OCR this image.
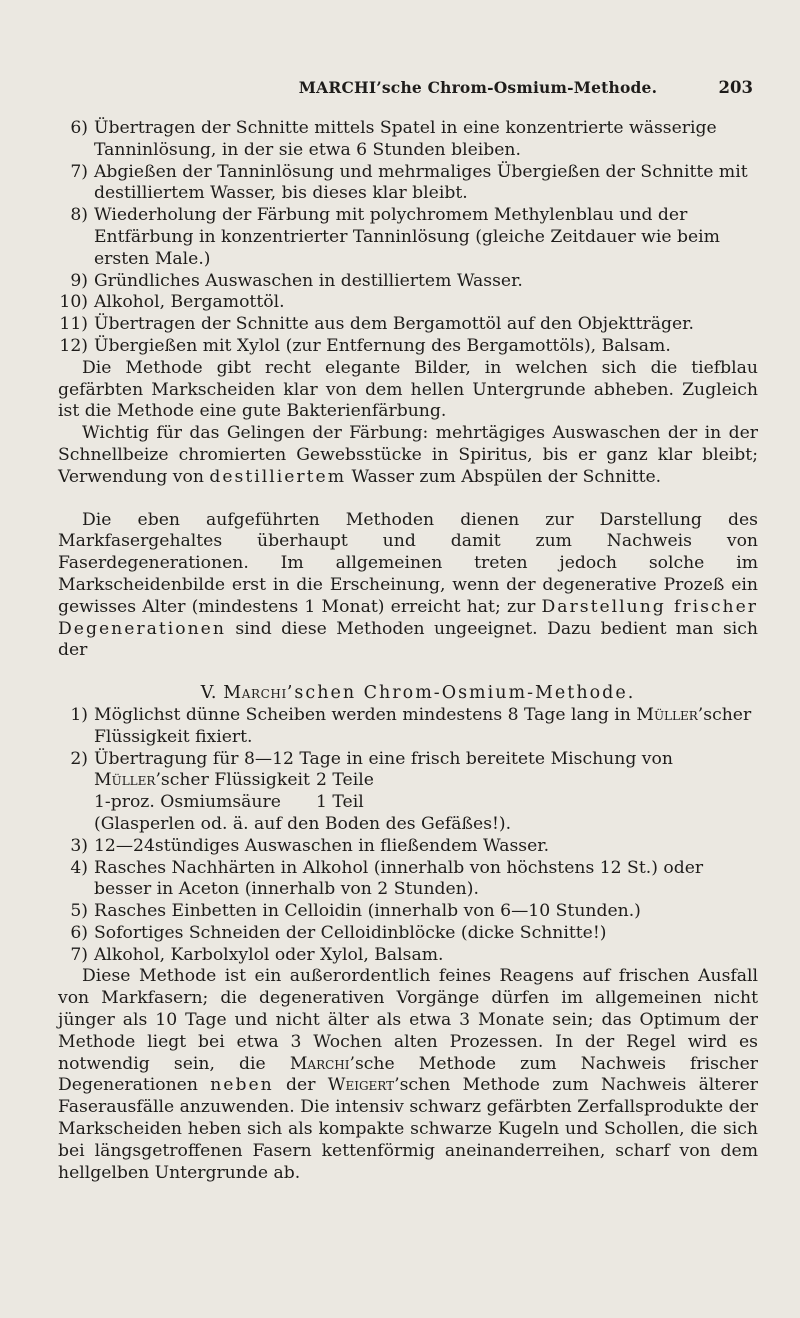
MARCHI’sche Chrom-Osmium-Methode.	203

6) Übertragen der Schnitte mittels Spatel in eine konzentrierte wässerige Tanninlösung, in der sie etwa 6 Stunden bleiben.

7) Abgießen der Tanninlösung und mehrmaliges Übergießen der Schnitte mit destilliertem Wasser, bis dieses klar bleibt.

8) Wiederholung der Färbung mit polychromem Methylenblau und der Entfärbung in konzentrierter Tanninlösung (gleiche Zeitdauer wie beim ersten Male.)

9) Gründliches Auswaschen in destilliertem Wasser.

10) Alkohol, Bergamottöl.

11) Übertragen der Schnitte aus dem Bergamottöl auf den Objektträger.

12) Übergießen mit Xylol (zur Entfernung des Bergamottöls), Balsam.

Die Methode gibt recht elegante Bilder, in welchen sich die tiefblau gefärbten Markscheiden klar von dem hellen Untergrunde abheben. Zugleich ist die Methode eine gute Bakterienfärbung.

Wichtig für das Gelingen der Färbung: mehrtägiges Auswaschen der in der Schnellbeize chromierten Gewebsstücke in Spiritus, bis er ganz klar bleibt; Verwendung von destilliertem Wasser zum Abspülen der Schnitte.

Die eben aufgeführten Methoden dienen zur Darstellung des Markfasergehaltes überhaupt und damit zum Nachweis von Faserdegenerationen. Im allgemeinen treten jedoch solche im Markscheidenbilde erst in die Erscheinung, wenn der degenerative Prozeß ein gewisses Alter (mindestens 1 Monat) erreicht hat; zur Darstellung frischer Degenerationen sind diese Methoden ungeeignet. Dazu bedient man sich der

V. Marchi’schen Chrom-Osmium-Methode.

1) Möglichst dünne Scheiben werden mindestens 8 Tage lang in Müller’scher Flüssigkeit fixiert.

2) Übertragung für 8—12 Tage in eine frisch bereitete Mischung von

Müller’scher Flüssigkeit 2 Teile
1-proz. Osmiumsäure	1 Teil
(Glasperlen od. ä. auf den Boden des Gefäßes!).

3) 12—24stündiges Auswaschen in fließendem Wasser.

4) Rasches Nachhärten in Alkohol (innerhalb von höchstens 12 St.) oder besser in Aceton (innerhalb von 2 Stunden).

5) Rasches Einbetten in Celloidin (innerhalb von 6—10 Stunden.)

6) Sofortiges Schneiden der Celloidinblöcke (dicke Schnitte!)

7) Alkohol, Karbolxylol oder Xylol, Balsam.

Diese Methode ist ein außerordentlich feines Reagens auf frischen Ausfall von Markfasern; die degenerativen Vorgänge dürfen im allgemeinen nicht jünger als 10 Tage und nicht älter als etwa 3 Monate sein; das Optimum der Methode liegt bei etwa 3 Wochen alten Prozessen. In der Regel wird es notwendig sein, die Marchi’sche Methode zum Nachweis frischer Degenerationen neben der Weigert’schen Methode zum Nachweis älterer Faserausfälle anzuwenden. Die intensiv schwarz gefärbten Zerfallsprodukte der Markscheiden heben sich als kompakte schwarze Kugeln und Schollen, die sich bei längsgetroffenen Fasern kettenförmig aneinanderreihen, scharf von dem hellgelben Untergrunde ab.
